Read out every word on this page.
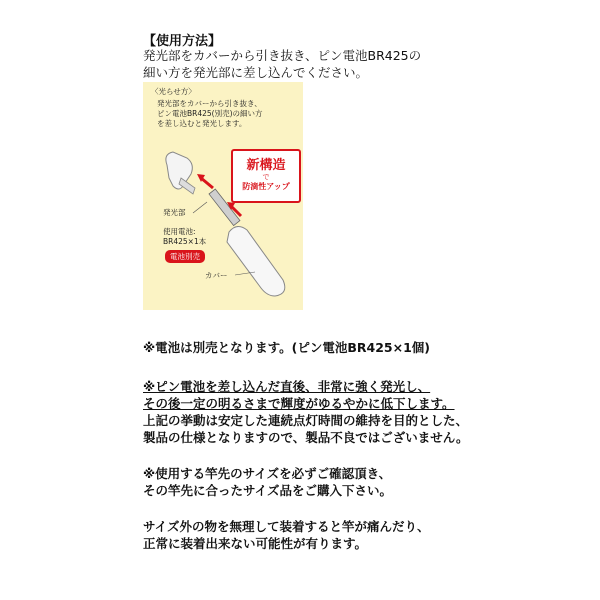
【使用方法】
発光部をカバーから引き抜き、ピン電池BR425の
細い方を発光部に差し込んでください。
〈光らせ方〉
発光部をカバーから引き抜き、
ピン電池BR425(別売)の細い方
を差し込むと発光します。
新構造
で
防滴性アップ
発光部
使用電池:
BR425×1本
電池別売
カバー
※電池は別売となります。(ピン電池BR425×1個)
※ピン電池を差し込んだ直後、非常に強く発光し、
その後一定の明るさまで輝度がゆるやかに低下します。
上記の挙動は安定した連続点灯時間の維持を目的とした、
製品の仕様となりますので、製品不良ではございません。
※使用する竿先のサイズを必ずご確認頂き、
その竿先に合ったサイズ品をご購入下さい。
サイズ外の物を無理して装着すると竿が痛んだり、
正常に装着出来ない可能性が有ります。
